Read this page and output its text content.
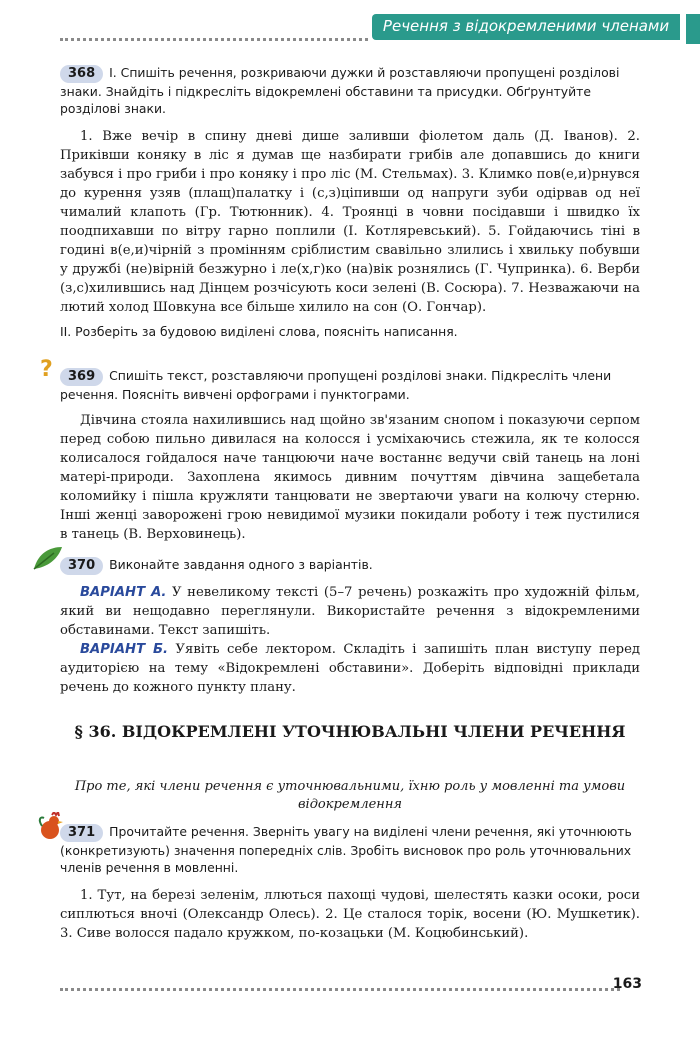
Речення з відокремленими членами

368 І. Спишіть речення, розкриваючи дужки й розставляючи пропущені розділові знаки. Знайдіть і підкресліть відокремлені обставини та присудки. Обґрунтуйте розділові знаки.

1. Вже вечір в спину дневі дише заливши фіолетом даль (Д. Іванов). 2. Приківши коняку в ліс я думав ще назбирати грибів але допавшись до книги забувся і про гриби і про коняку і про ліс (М. Стельмах). 3. Климко пов(е,и)рнувся до курення узяв (плащ)палатку і (с,з)ціпивши од напруги зуби одірвав од неї чималий клапоть (Гр. Тютюнник). 4. Троянці в човни посідавши і швидко їх поодпихавши по вітру гарно поплили (І. Котляревський). 5. Гойдаючись тіні в годині в(е,и)чірній з промінням сріблистим свавільно злились і хвильку побувши у дружбі (не)вірній безжурно і ле(х,г)ко (на)вік рознялись (Г. Чупринка). 6. Верби (з,с)хилившись над Дінцем розчісують коси зелені (В. Сосюра). 7. Незважаючи на лютий холод Шовкуна все більше хилило на сон (О. Гончар).

ІІ. Розберіть за будовою виділені слова, поясніть написання.

?	369 Спишіть текст, розставляючи пропущені розділові знаки. Підкресліть члени речення. Поясніть вивчені орфограми і пунктограми.

Дівчина стояла нахилившись над щойно зв'язаним снопом і показуючи серпом перед собою пильно дивилася на колосся і усміхаючись стежила, як те колосся колисалося гойдалося наче танцюючи наче востаннє ведучи свій танець на лоні матері-природи. Захоплена якимось дивним почуттям дівчина защебетала коломийку і пішла кружляти танцювати не звертаючи уваги на колючу стерню. Інші женці заворожені грою невидимої музики покидали роботу і теж пустилися в танець (В. Верховинець).

370 Виконайте завдання одного з варіантів.

ВАРІАНТ А. У невеликому тексті (5–7 речень) розкажіть про художній фільм, який ви нещодавно переглянули. Використайте речення з відокремленими обставинами. Текст запишіть.

ВАРІАНТ Б. Уявіть себе лектором. Складіть і запишіть план виступу перед аудиторією на тему «Відокремлені обставини». Доберіть відповідні приклади речень до кожного пункту плану.

§ 36. ВІДОКРЕМЛЕНІ УТОЧНЮВАЛЬНІ ЧЛЕНИ РЕЧЕННЯ
Про те, які члени речення є уточнювальними, їхню роль у мовленні та умови відокремлення

371 Прочитайте речення. Зверніть увагу на виділені члени речення, які уточнюють (конкретизують) значення попередніх слів. Зробіть висновок про роль уточнювальних членів речення в мовленні.

1. Тут, на березі зеленім, ллються пахощі чудові, шелестять казки осоки, роси сиплються вночі (Олександр Олесь). 2. Це сталося торік, восени (Ю. Мушкетик). 3. Сиве волосся падало кружком, по-козацьки (М. Коцюбинський).

163
